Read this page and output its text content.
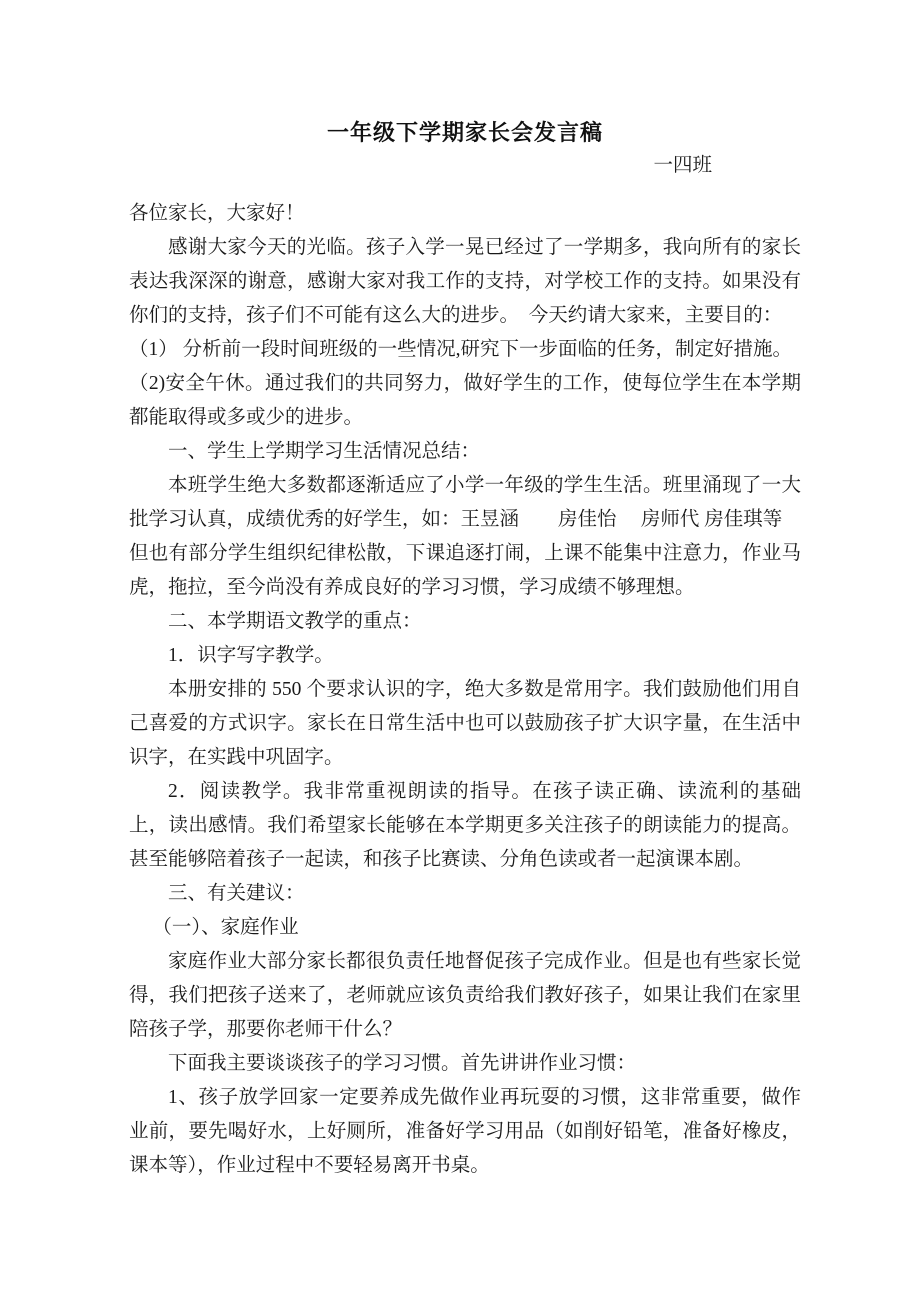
一年级下学期家长会发言稿
一四班

各位家长，大家好！

感谢大家今天的光临。孩子入学一晃已经过了一学期多，我向所有的家长表达我深深的谢意，感谢大家对我工作的支持，对学校工作的支持。如果没有你们的支持，孩子们不可能有这么大的进步。　今天约请大家来，主要目的：

（1） 分析前一段时间班级的一些情况,研究下一步面临的任务，制定好措施。

（2)安全午休。通过我们的共同努力，做好学生的工作，使每位学生在本学期都能取得或多或少的进步。

一、学生上学期学习生活情况总结：

本班学生绝大多数都逐渐适应了小学一年级的学生生活。班里涌现了一大批学习认真，成绩优秀的好学生，如：王昱涵　　房佳怡　 房师代 房佳琪等

但也有部分学生组织纪律松散，下课追逐打闹，上课不能集中注意力，作业马虎，拖拉，至今尚没有养成良好的学习习惯，学习成绩不够理想。

二、本学期语文教学的重点：

1．识字写字教学。

本册安排的 550 个要求认识的字，绝大多数是常用字。我们鼓励他们用自己喜爱的方式识字。家长在日常生活中也可以鼓励孩子扩大识字量，在生活中识字，在实践中巩固字。

2．阅读教学。我非常重视朗读的指导。在孩子读正确、读流利的基础上，读出感情。我们希望家长能够在本学期更多关注孩子的朗读能力的提高。甚至能够陪着孩子一起读，和孩子比赛读、分角色读或者一起演课本剧。

三、有关建议：

（一）、家庭作业

家庭作业大部分家长都很负责任地督促孩子完成作业。但是也有些家长觉得，我们把孩子送来了，老师就应该负责给我们教好孩子，如果让我们在家里陪孩子学，那要你老师干什么？

下面我主要谈谈孩子的学习习惯。首先讲讲作业习惯：

1、孩子放学回家一定要养成先做作业再玩耍的习惯，这非常重要，做作业前，要先喝好水，上好厕所，准备好学习用品（如削好铅笔，准备好橡皮，课本等），作业过程中不要轻易离开书桌。
